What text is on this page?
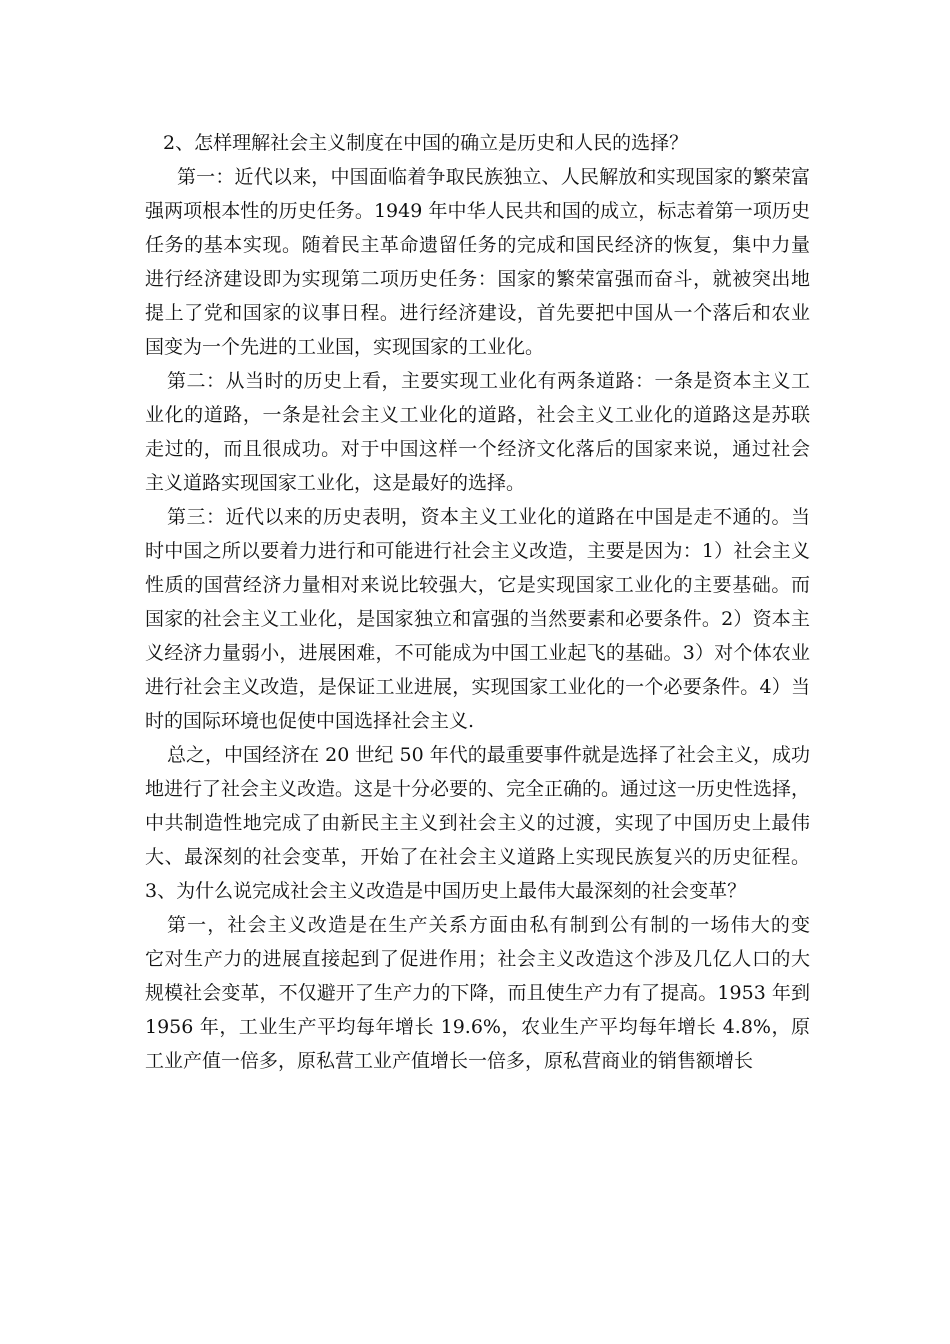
2、怎样理解社会主义制度在中国的确立是历史和人民的选择？
第一：近代以来，中国面临着争取民族独立、人民解放和实现国家的繁荣富
强两项根本性的历史任务。1949 年中华人民共和国的成立，标志着第一项历史
任务的基本实现。随着民主革命遗留任务的完成和国民经济的恢复，集中力量
进行经济建设即为实现第二项历史任务：国家的繁荣富强而奋斗，就被突出地
提上了党和国家的议事日程。进行经济建设，首先要把中国从一个落后和农业
国变为一个先进的工业国，实现国家的工业化。
第二：从当时的历史上看，主要实现工业化有两条道路：一条是资本主义工
业化的道路，一条是社会主义工业化的道路，社会主义工业化的道路这是苏联
走过的，而且很成功。对于中国这样一个经济文化落后的国家来说，通过社会
主义道路实现国家工业化，这是最好的选择。
第三：近代以来的历史表明，资本主义工业化的道路在中国是走不通的。当
时中国之所以要着力进行和可能进行社会主义改造，主要是因为：1）社会主义
性质的国营经济力量相对来说比较强大，它是实现国家工业化的主要基础。而
国家的社会主义工业化，是国家独立和富强的当然要素和必要条件。2）资本主
义经济力量弱小，进展困难，不可能成为中国工业起飞的基础。3）对个体农业
进行社会主义改造，是保证工业进展，实现国家工业化的一个必要条件。4）当
时的国际环境也促使中国选择社会主义.
总之，中国经济在 20 世纪 50 年代的最重要事件就是选择了社会主义，成功
地进行了社会主义改造。这是十分必要的、完全正确的。通过这一历史性选择，
中共制造性地完成了由新民主主义到社会主义的过渡，实现了中国历史上最伟
大、最深刻的社会变革，开始了在社会主义道路上实现民族复兴的历史征程。
3、为什么说完成社会主义改造是中国历史上最伟大最深刻的社会变革？
第一，社会主义改造是在生产关系方面由私有制到公有制的一场伟大的变
它对生产力的进展直接起到了促进作用；社会主义改造这个涉及几亿人口的大
规模社会变革，不仅避开了生产力的下降，而且使生产力有了提高。1953 年到
1956 年，工业生产平均每年增长 19.6%，农业生产平均每年增长 4.8%，原
工业产值一倍多，原私营工业产值增长一倍多，原私营商业的销售额增长
